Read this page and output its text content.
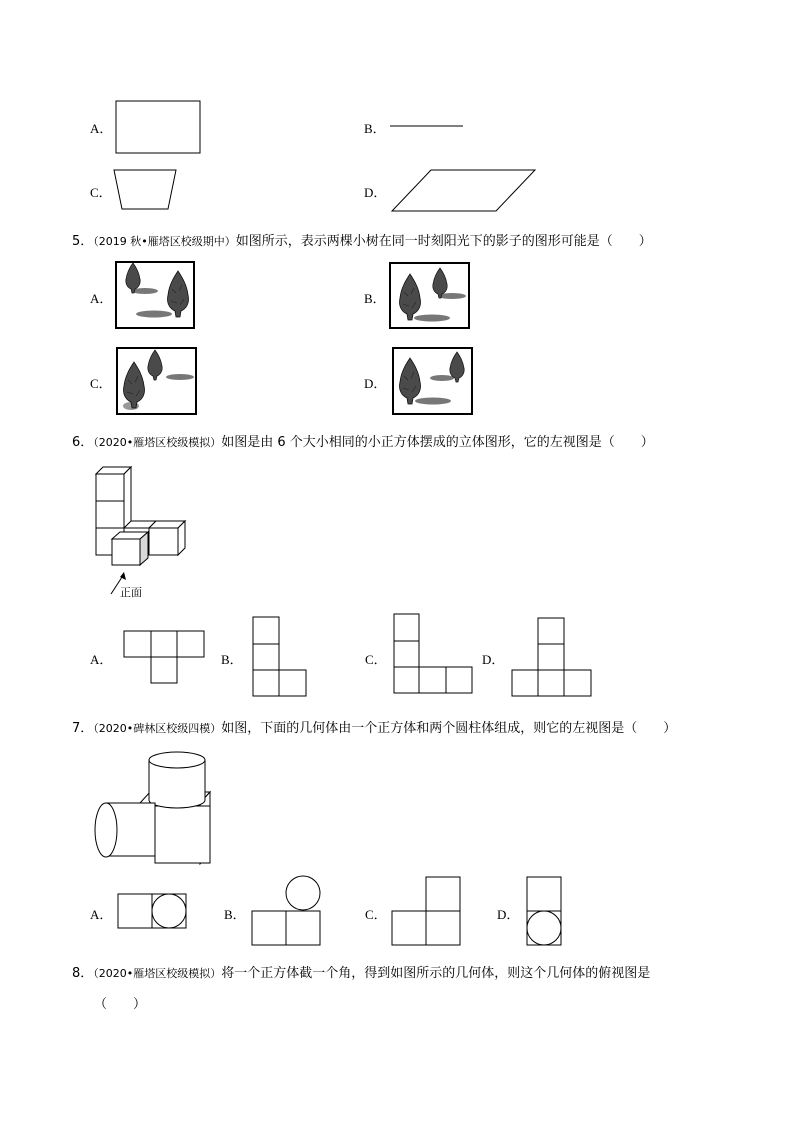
A．	B．
C．	D．
5．（2019 秋•雁塔区校级期中）如图所示，表示两棵小树在同一时刻阳光下的影子的图形可能是（　　）
A．	B．
C．	D．
6．（2020•雁塔区校级模拟）如图是由 6 个大小相同的小正方体摆成的立体图形，它的左视图是（　　）
正面
A．	B．	C．	D．
7．（2020•碑林区校级四模）如图，下面的几何体由一个正方体和两个圆柱体组成，则它的左视图是（　　）
A．	B．	C．	D．
8．（2020•雁塔区校级模拟）将一个正方体截一个角，得到如图所示的几何体，则这个几何体的俯视图是
（　　）
